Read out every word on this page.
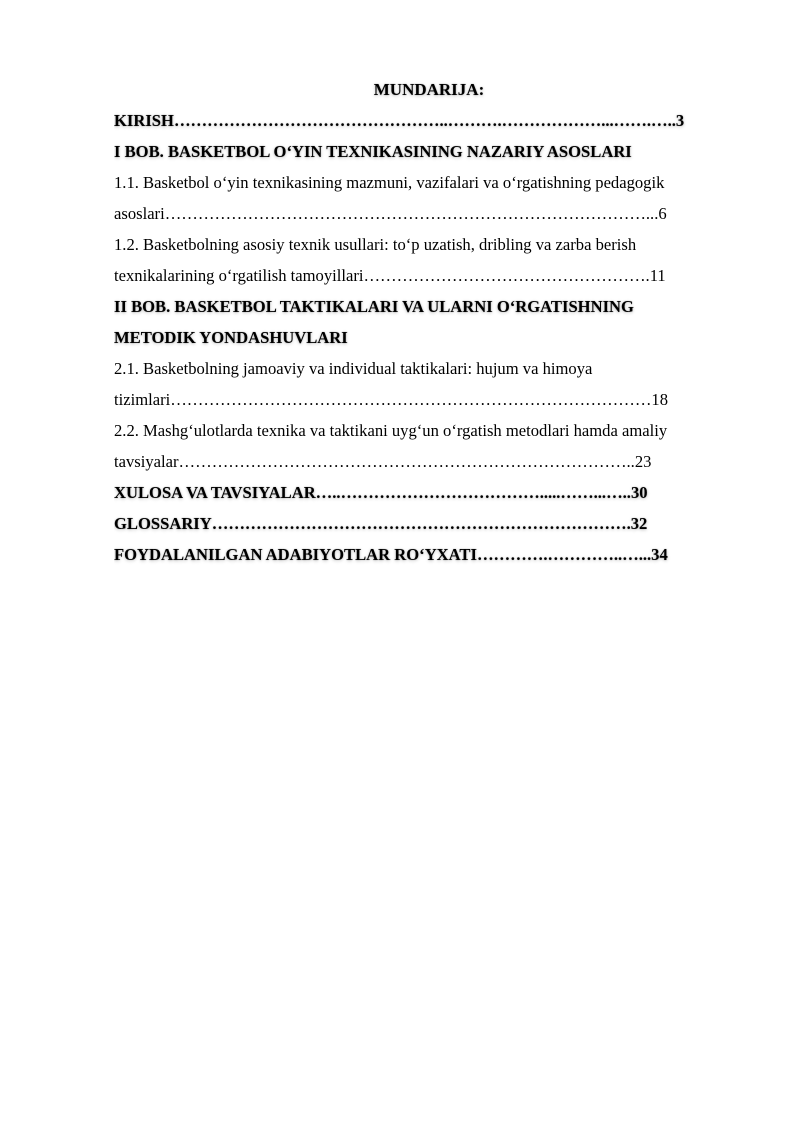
MUNDARIJA:
KIRISH…………………………………………..……….………………...…….…..3
I BOB. BASKETBOL O‘YIN TEXNIKASINING NAZARIY ASOSLARI
1.1. Basketbol o‘yin texnikasining mazmuni, vazifalari va o‘rgatishning pedagogik
asoslari……………………………………………………………………………...6
1.2. Basketbolning asosiy texnik usullari: to‘p uzatish, dribling va zarba berish
texnikalarining o‘rgatilish tamoyillari…………………………………………….11
II BOB. BASKETBOL TAKTIKALARI VA ULARNI O‘RGATISHNING
METODIK YONDASHUVLARI
2.1. Basketbolning jamoaviy va individual taktikalari: hujum va himoya
tizimlari……………………………………………………………………………18
2.2. Mashg‘ulotlarda texnika va taktikani uyg‘un o‘rgatish metodlari hamda amaliy
tavsiyalar………………………………………………………………………..23
XULOSA VA TAVSIYALAR…..……………………………….....……...…..30
GLOSSARIY………………………………………………………………….32
FOYDALANILGAN ADABIYOTLAR RO‘YXATI………….…………..…...34
